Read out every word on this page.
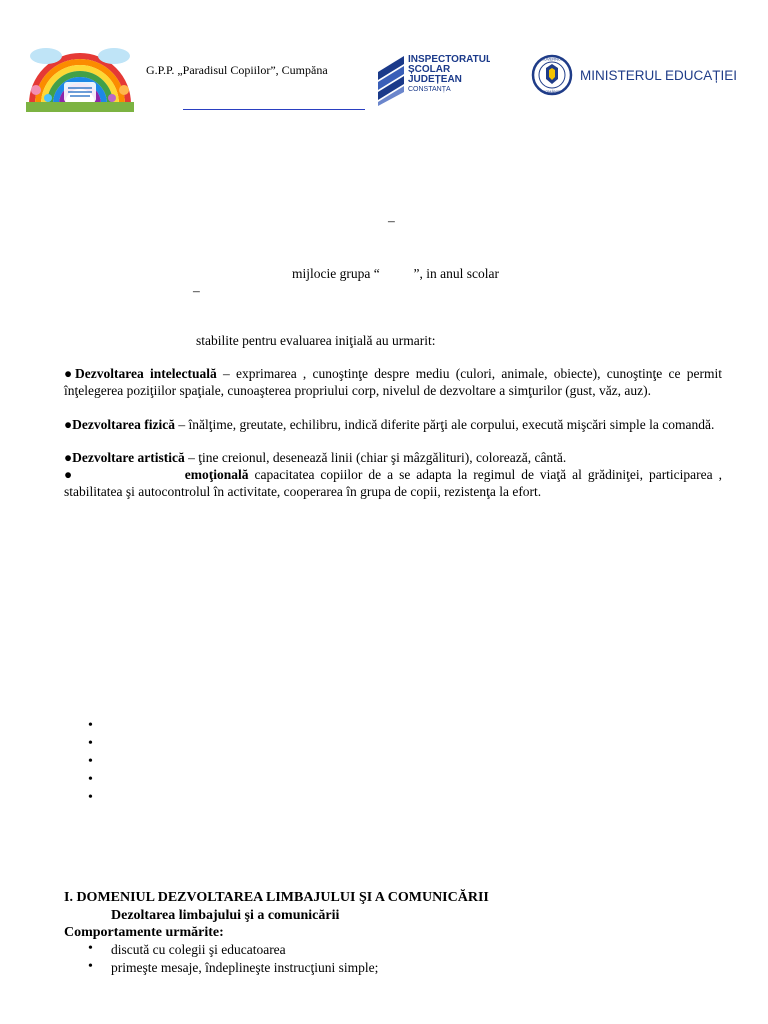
G.P.P. „Paradisul Copiilor”, Cumpăna
INSPECTORATUL
ȘCOLAR
JUDEȚEAN
CONSTANȚA
GUVERNUL
ROMÂNIEI
MINISTERUL EDUCAȚIEI
–
mijlocie grupa “          ”, in anul scolar
–
stabilite pentru evaluarea iniţială au urmarit:
●Dezvoltarea intelectuală – exprimarea , cunoştinţe despre mediu (culori, animale, obiecte), cunoştinţe ce permit înţelegerea poziţiilor spaţiale, cunoaşterea propriului corp, nivelul de dezvoltare a simţurilor (gust, văz, auz).
●Dezvoltarea fizică – înălţime, greutate, echilibru, indică diferite părţi ale corpului, execută mişcări simple la comandă.
●Dezvoltare artistică – ţine creionul, desenează linii (chiar şi mâzgălituri), colorează, cântă.
●	emoţională capacitatea copiilor de a se adapta la regimul de viaţă al grădiniţei, participarea , stabilitatea şi autocontrolul în activitate, cooperarea în grupa de copii, rezistenţa la efort.
•
•
•
•
•
I. DOMENIUL DEZVOLTAREA LIMBAJULUI ŞI A COMUNICĂRII
Dezoltarea limbajului şi a comunicării
Comportamente urmărite:
• discută cu colegii şi educatoarea
• primeşte mesaje, îndeplineşte instrucţiuni simple;
